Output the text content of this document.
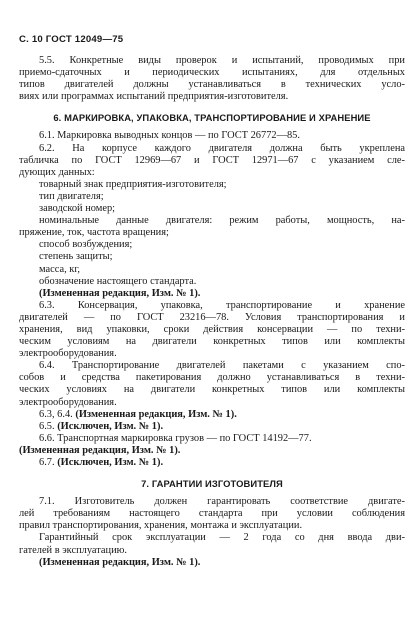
С. 10 ГОСТ 12049—75
5.5. Конкретные виды проверок и испытаний, проводимых при
приемо-сдаточных и периодических испытаниях, для отдельных
типов двигателей должны устанавливаться в технических усло-
виях или программах испытаний предприятия-изготовителя.
6. МАРКИРОВКА, УПАКОВКА, ТРАНСПОРТИРОВАНИЕ И ХРАНЕНИЕ
6.1. Маркировка выводных концов — по ГОСТ 26772—85.
6.2. На корпусе каждого двигателя должна быть укреплена
табличка по ГОСТ 12969—67 и ГОСТ 12971—67 с указанием сле-
дующих данных:
товарный знак предприятия-изготовителя;
тип двигателя;
заводской номер;
номинальные данные двигателя: режим работы, мощность, на-
пряжение, ток, частота вращения;
способ возбуждения;
степень защиты;
масса, кг,
обозначение настоящего стандарта.
(Измененная редакция, Изм. № 1).
6.3. Консервация, упаковка, транспортирование и хранение
двигателей — по ГОСТ 23216—78. Условия транспортирования и
хранения, вид упаковки, сроки действия консервации — по техни-
ческим условиям на двигатели конкретных типов или комплекты
электрооборудования.
6.4. Транспортирование двигателей пакетами с указанием спо-
собов и средства пакетирования должно устанавливаться в техни-
ческих условиях на двигатели конкретных типов или комплекты
электрооборудования.
6.3, 6.4. (Измененная редакция, Изм. № 1).
6.5. (Исключен, Изм. № 1).
6.6. Транспортная маркировка грузов — по ГОСТ 14192—77.
(Измененная редакция, Изм. № 1).
6.7. (Исключен, Изм. № 1).
7. ГАРАНТИИ ИЗГОТОВИТЕЛЯ
7.1. Изготовитель должен гарантировать соответствие двигате-
лей требованиям настоящего стандарта при условии соблюдения
правил транспортирования, хранения, монтажа и эксплуатации.
Гарантийный срок эксплуатации — 2 года со дня ввода дви-
гателей в эксплуатацию.
(Измененная редакция, Изм. № 1).
